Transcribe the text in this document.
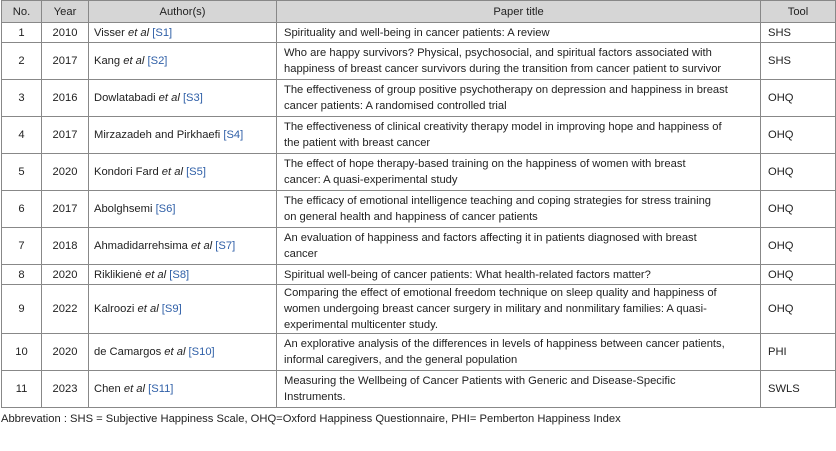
No.	Year	Author(s)	Paper title	Tool
1	2010	Visser et al [S1]	Spirituality and well-being in cancer patients: A review	SHS
2	2017	Kang et al [S2]	Who are happy survivors? Physical, psychosocial, and spiritual factors associated with
happiness of breast cancer survivors during the transition from cancer patient to survivor	SHS
3	2016	Dowlatabadi et al [S3]	The effectiveness of group positive psychotherapy on depression and happiness in breast
cancer patients: A randomised controlled trial	OHQ
4	2017	Mirzazadeh and Pirkhaefi [S4]	The effectiveness of clinical creativity therapy model in improving hope and happiness of
the patient with breast cancer	OHQ
5	2020	Kondori Fard et al [S5]	The effect of hope therapy-based training on the happiness of women with breast
cancer: A quasi-experimental study	OHQ
6	2017	Abolghsemi [S6]	The efficacy of emotional intelligence teaching and coping strategies for stress training
on general health and happiness of cancer patients	OHQ
7	2018	Ahmadidarrehsima et al [S7]	An evaluation of happiness and factors affecting it in patients diagnosed with breast
cancer	OHQ
8	2020	Riklikienė et al [S8]	Spiritual well-being of cancer patients: What health-related factors matter?	OHQ
9	2022	Kalroozi et al [S9]	Comparing the effect of emotional freedom technique on sleep quality and happiness of
women undergoing breast cancer surgery in military and nonmilitary families: A quasi-
experimental multicenter study.	OHQ
10	2020	de Camargos et al [S10]	An explorative analysis of the differences in levels of happiness between cancer patients,
informal caregivers, and the general population	PHI
11	2023	Chen et al [S11]	Measuring the Wellbeing of Cancer Patients with Generic and Disease-Specific
Instruments.	SWLS
Abbrevation : SHS = Subjective Happiness Scale, OHQ=Oxford Happiness Questionnaire, PHI= Pemberton Happiness Index
